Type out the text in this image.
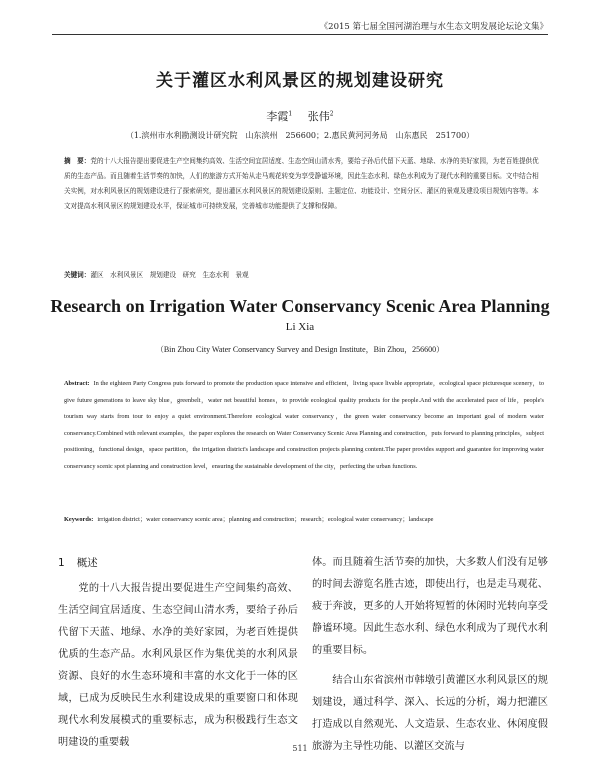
《2015 第七届全国河湖治理与水生态文明发展论坛论文集》
关于灌区水利风景区的规划建设研究
李霞$^1$ 张伟$^2$
（1.滨州市水利勘测设计研究院　山东滨州　256600；2.惠民黄河河务局　山东惠民　251700）
摘　要：党的十八大报告提出要促进生产空间集约高效、生活空间宜居适度、生态空间山清水秀，要给子孙后代留下天蓝、地绿、水净的美好家园，为老百姓提供优质的生态产品。而且随着生活节奏的加快，人们的旅游方式开始从走马观花转变为享受静谧环境，因此生态水利、绿色水利成为了现代水利的重要目标。文中结合相关实例，对水利风景区的规划建设进行了探索研究，提出灌区水利风景区的规划建设原则、主题定位、功能设计、空间分区、灌区的景观及建设项目规划内容等。本文对提高水利风景区的规划建设水平，保证城市可持续发展，完善城市功能提供了支撑和保障。
关键词：灌区　水利风景区　规划建设　研究　生态水利　景观
Research on Irrigation Water Conservancy Scenic Area Planning
Li Xia
（Bin Zhou City Water Conservancy Survey and Design Institute，Bin Zhou，256600）
Abstract: In the eighteen Party Congress puts forward to promote the production space intensive and efficient，living space livable appropriate，ecological space picturesque scenery，to give future generations to leave sky blue，greenbelt，water net beautiful homes，to provide ecological quality products for the people.And with the accelerated pace of life，people's tourism way starts from tour to enjoy a quiet environment.Therefore ecological water conservancy，the green water conservancy become an important goal of modern water conservancy.Combined with relevant examples，the paper explores the research on Water Conservancy Scenic Area Planning and construction，puts forward to planning principles，subject positioning，functional design，space partition，the irrigation district's landscape and construction projects planning content.The paper provides support and guarantee for improving water conservancy scenic spot planning and construction level，ensuring the sustainable development of the city，perfecting the urban functions.
Keywords: irrigation district；water conservancy scenic area；planning and construction；research；ecological water conservancy；landscape
1 概述

党的十八大报告提出要促进生产空间集约高效、生活空间宜居适度、生态空间山清水秀，要给子孙后代留下天蓝、地绿、水净的美好家园，为老百姓提供优质的生态产品。水利风景区作为集优美的水利风景资源、良好的水生态环境和丰富的水文化于一体的区域，已成为反映民生水利建设成果的重要窗口和体现现代水利发展模式的重要标志，成为积极践行生态文明建设的重要载

体。而且随着生活节奏的加快，大多数人们没有足够的时间去游览名胜古迹，即使出行，也是走马观花、疲于奔波，更多的人开始将短暂的休闲时光转向享受静谧环境。因此生态水利、绿色水利成为了现代水利的重要目标。

结合山东省滨州市韩墩引黄灌区水利风景区的规划建设，通过科学、深入、长远的分析，竭力把灌区打造成以自然观光、人文造景、生态农业、休闲度假旅游为主导性功能、以灌区交流与

511
